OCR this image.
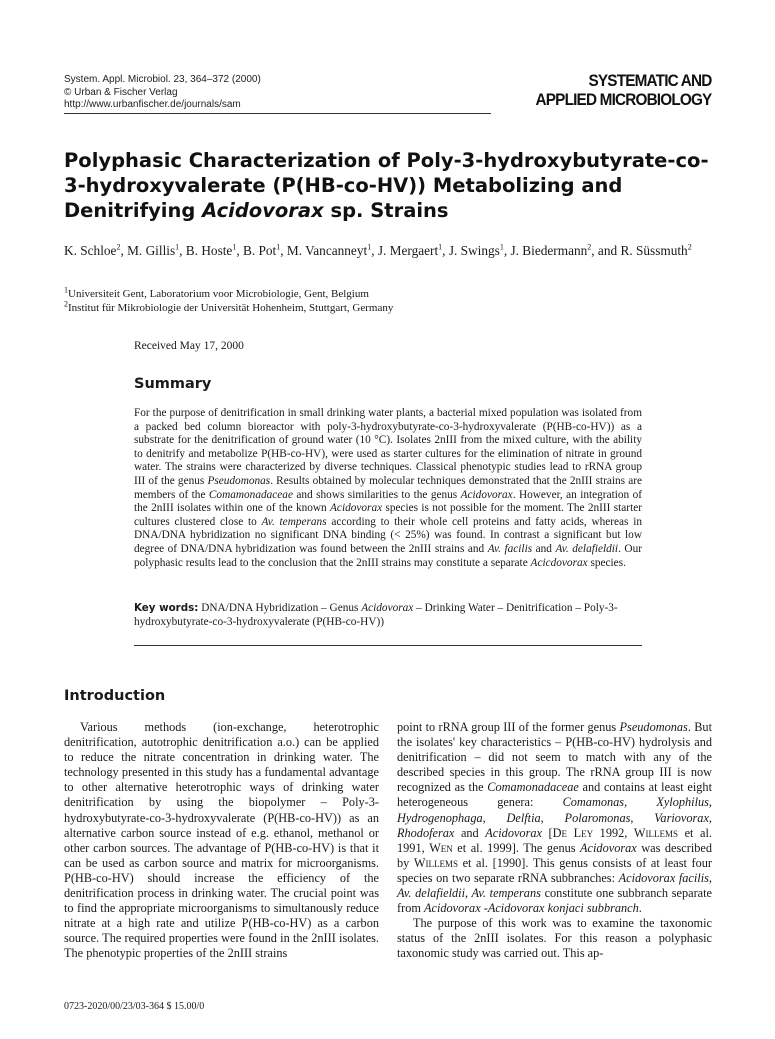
System. Appl. Microbiol. 23, 364–372 (2000)
© Urban & Fischer Verlag
http://www.urbanfischer.de/journals/sam
SYSTEMATIC AND
APPLIED MICROBIOLOGY
Polyphasic Characterization of Poly-3-hydroxybutyrate-co-3-hydroxyvalerate (P(HB-co-HV)) Metabolizing and Denitrifying Acidovorax sp. Strains
K. Schloe$^2$, M. Gillis$^1$, B. Hoste$^1$, B. Pot$^1$, M. Vancanneyt$^1$, J. Mergaert$^1$, J. Swings$^1$, J. Biedermann$^2$, and R. Süssmuth$^2$
$^1$Universiteit Gent, Laboratorium voor Microbiologie, Gent, Belgium
$^2$Institut für Mikrobiologie der Universität Hohenheim, Stuttgart, Germany
Received May 17, 2000
Summary

For the purpose of denitrification in small drinking water plants, a bacterial mixed population was isolated from a packed bed column bioreactor with poly-3-hydroxybutyrate-co-3-hydroxyvalerate (P(HB-co-HV)) as a substrate for the denitrification of ground water (10 °C). Isolates 2nIII from the mixed culture, with the ability to denitrify and metabolize P(HB-co-HV), were used as starter cultures for the elimination of nitrate in ground water. The strains were characterized by diverse techniques. Classical phenotypic studies lead to rRNA group III of the genus Pseudomonas. Results obtained by molecular techniques demonstrated that the 2nIII strains are members of the Comamonadaceae and shows similarities to the genus Acidovorax. However, an integration of the 2nIII isolates within one of the known Acidovorax species is not possible for the moment. The 2nIII starter cultures clustered close to Av. temperans according to their whole cell proteins and fatty acids, whereas in DNA/DNA hybridization no significant DNA binding (< 25%) was found. In contrast a significant but low degree of DNA/DNA hybridization was found between the 2nIII strains and Av. facilis and Av. delafieldii. Our polyphasic results lead to the conclusion that the 2nIII strains may constitute a separate Acicdovorax species.

Key words: DNA/DNA Hybridization – Genus Acidovorax – Drinking Water – Denitrification – Poly-3-hydroxybutyrate-co-3-hydroxyvalerate (P(HB-co-HV))

Introduction

Various methods (ion-exchange, heterotrophic denitrification, autotrophic denitrification a.o.) can be applied to reduce the nitrate concentration in drinking water. The technology presented in this study has a fundamental advantage to other alternative heterotrophic ways of drinking water denitrification by using the biopolymer – Poly-3-hydroxybutyrate-co-3-hydroxyvalerate (P(HB-co-HV)) as an alternative carbon source instead of e.g. ethanol, methanol or other carbon sources. The advantage of P(HB-co-HV) is that it can be used as carbon source and matrix for microorganisms. P(HB-co-HV) should increase the efficiency of the denitrification process in drinking water. The crucial point was to find the appropriate microorganisms to simultanously reduce nitrate at a high rate and utilize P(HB-co-HV) as a carbon source. The required properties were found in the 2nIII isolates. The phenotypic properties of the 2nIII strains

point to rRNA group III of the former genus Pseudomonas. But the isolates' key characteristics – P(HB-co-HV) hydrolysis and denitrification – did not seem to match with any of the described species in this group. The rRNA group III is now recognized as the Comamonadaceae and contains at least eight heterogeneous genera: Comamonas, Xylophilus, Hydrogenophaga, Delftia, Polaromonas, Variovorax, Rhodoferax and Acidovorax [De Ley 1992, Willems et al. 1991, Wen et al. 1999]. The genus Acidovorax was described by Willems et al. [1990]. This genus consists of at least four species on two separate rRNA subbranches: Acidovorax facilis, Av. delafieldii, Av. temperans constitute one subbranch separate from Acidovorax -Acidovorax konjaci subbranch.

The purpose of this work was to examine the taxonomic status of the 2nIII isolates. For this reason a polyphasic taxonomic study was carried out. This ap-

0723-2020/00/23/03-364 $ 15.00/0
